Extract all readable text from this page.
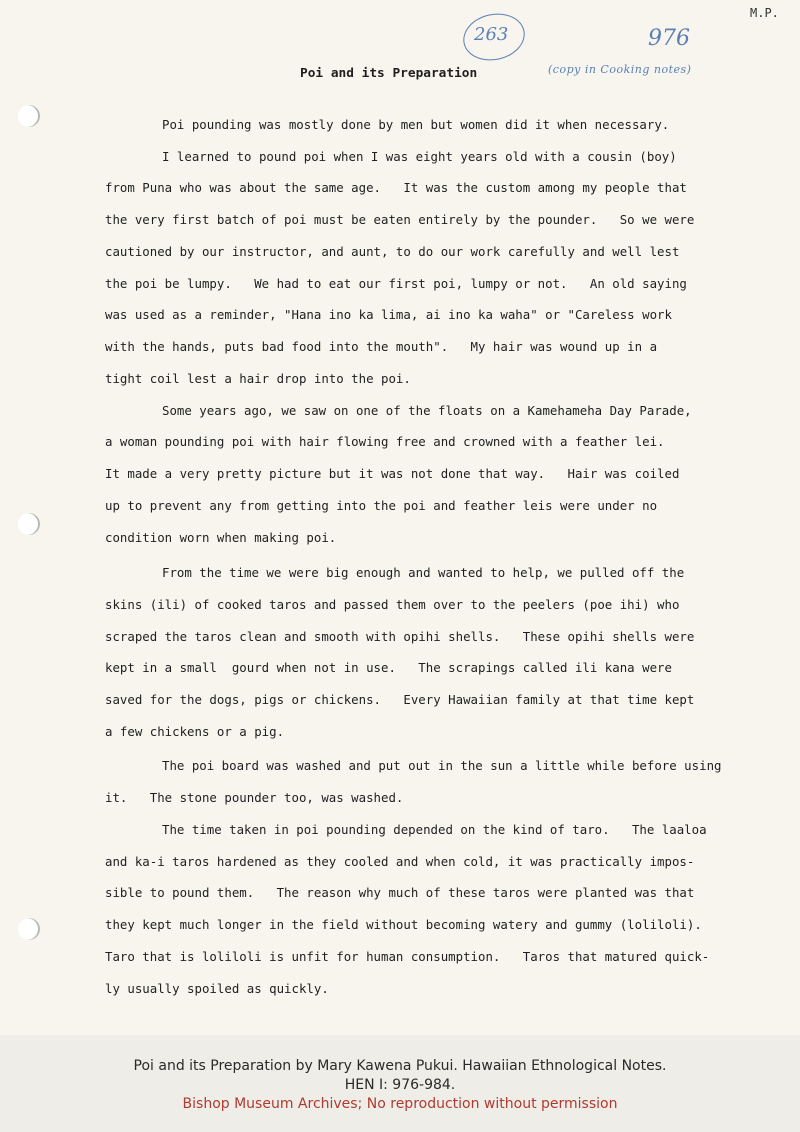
M.P.
263	976
(copy in Cooking notes)
Poi and its Preparation
Poi pounding was mostly done by men but women did it when necessary.
I learned to pound poi when I was eight years old with a cousin (boy)
from Puna who was about the same age.   It was the custom among my people that
the very first batch of poi must be eaten entirely by the pounder.   So we were
cautioned by our instructor, and aunt, to do our work carefully and well lest
the poi be lumpy.   We had to eat our first poi, lumpy or not.   An old saying
was used as a reminder, "Hana ino ka lima, ai ino ka waha" or "Careless work
with the hands, puts bad food into the mouth".   My hair was wound up in a
tight coil lest a hair drop into the poi.
Some years ago, we saw on one of the floats on a Kamehameha Day Parade,
a woman pounding poi with hair flowing free and crowned with a feather lei.
It made a very pretty picture but it was not done that way.   Hair was coiled
up to prevent any from getting into the poi and feather leis were under no
condition worn when making poi.
From the time we were big enough and wanted to help, we pulled off the
skins (ili) of cooked taros and passed them over to the peelers (poe ihi) who
scraped the taros clean and smooth with opihi shells.   These opihi shells were
kept in a small  gourd when not in use.   The scrapings called ili kana were
saved for the dogs, pigs or chickens.   Every Hawaiian family at that time kept
a few chickens or a pig.
The poi board was washed and put out in the sun a little while before using
it.   The stone pounder too, was washed.
The time taken in poi pounding depended on the kind of taro.   The laaloa
and ka-i taros hardened as they cooled and when cold, it was practically impos-
sible to pound them.   The reason why much of these taros were planted was that
they kept much longer in the field without becoming watery and gummy (loliloli).
Taro that is loliloli is unfit for human consumption.   Taros that matured quick-
ly usually spoiled as quickly.
Poi and its Preparation by Mary Kawena Pukui. Hawaiian Ethnological Notes.
HEN I: 976-984.
Bishop Museum Archives; No reproduction without permission
